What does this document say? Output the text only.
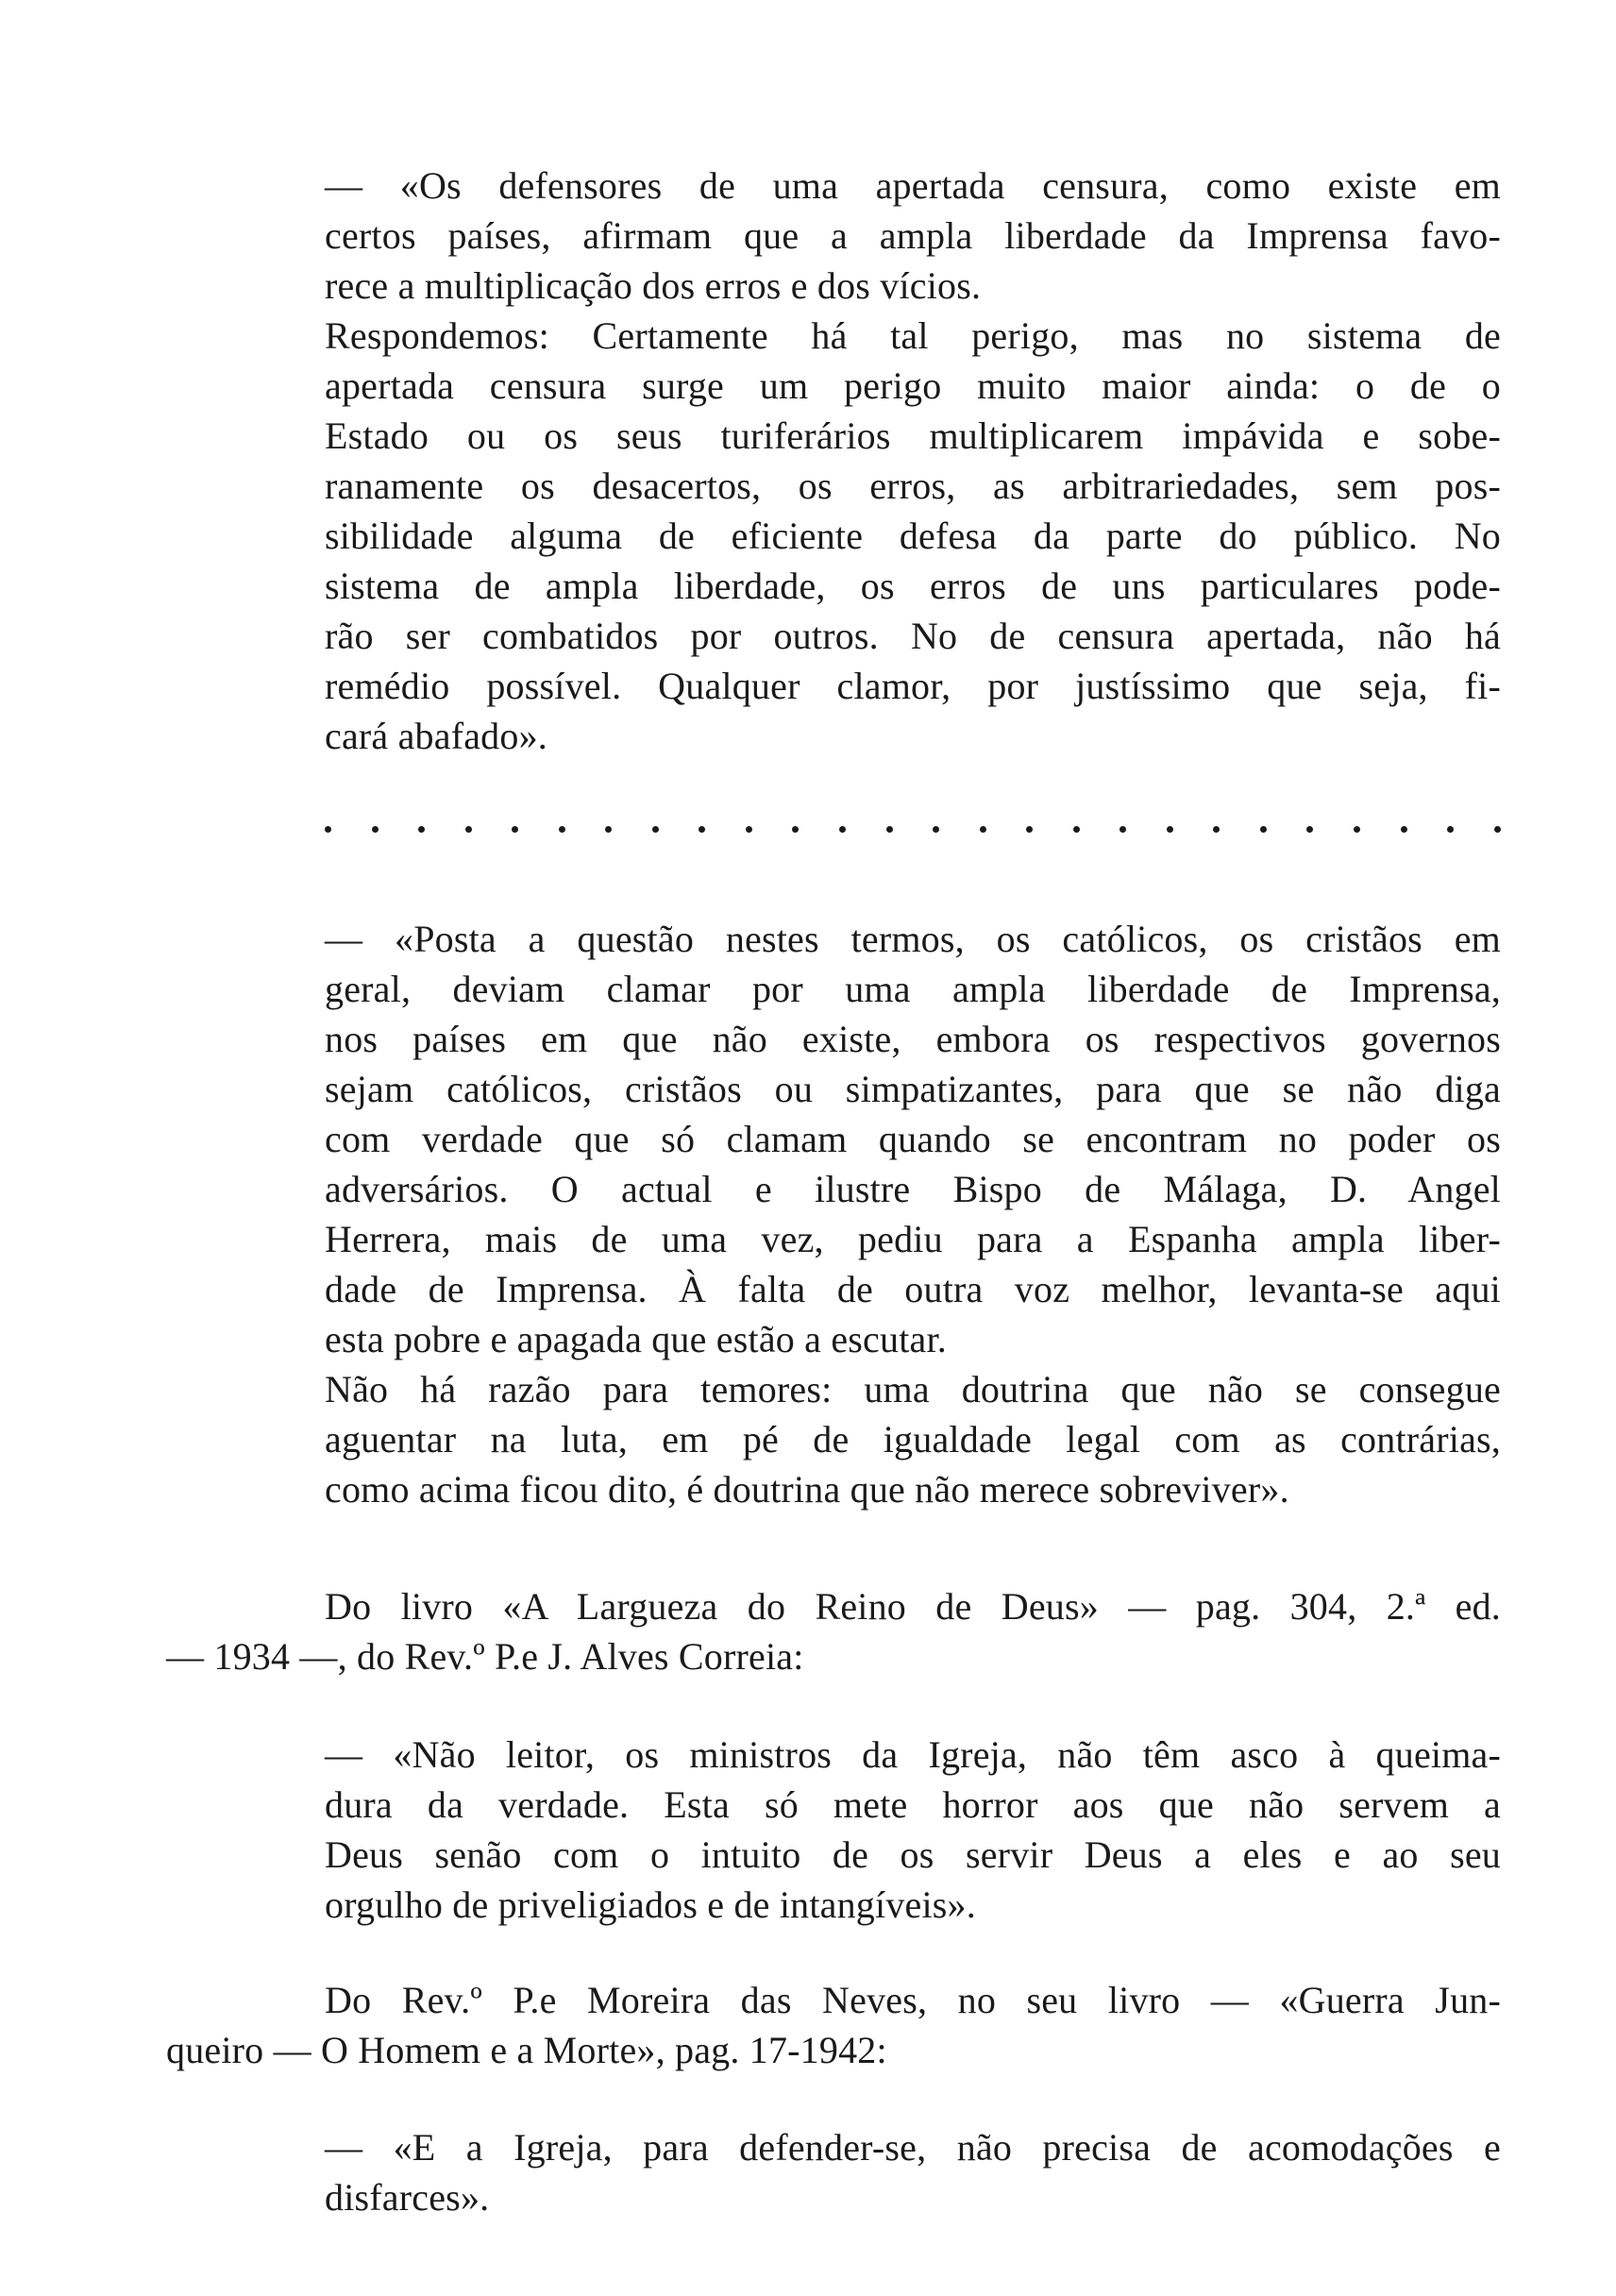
— «Os defensores de uma apertada censura, como existe em
certos países, afirmam que a ampla liberdade da Imprensa favo-
rece a multiplicação dos erros e dos vícios.
Respondemos: Certamente há tal perigo, mas no sistema de
apertada censura surge um perigo muito maior ainda: o de o
Estado ou os seus turiferários multiplicarem impávida e sobe-
ranamente os desacertos, os erros, as arbitrariedades, sem pos-
sibilidade alguma de eficiente defesa da parte do público. No
sistema de ampla liberdade, os erros de uns particulares pode-
rão ser combatidos por outros. No de censura apertada, não há
remédio possível. Qualquer clamor, por justíssimo que seja, fi-
cará abafado».
— «Posta a questão nestes termos, os católicos, os cristãos em
geral, deviam clamar por uma ampla liberdade de Imprensa,
nos países em que não existe, embora os respectivos governos
sejam católicos, cristãos ou simpatizantes, para que se não diga
com verdade que só clamam quando se encontram no poder os
adversários. O actual e ilustre Bispo de Málaga, D. Angel
Herrera, mais de uma vez, pediu para a Espanha ampla liber-
dade de Imprensa. À falta de outra voz melhor, levanta-se aqui
esta pobre e apagada que estão a escutar.
Não há razão para temores: uma doutrina que não se consegue
aguentar na luta, em pé de igualdade legal com as contrárias,
como acima ficou dito, é doutrina que não merece sobreviver».
Do livro «A Largueza do Reino de Deus» — pag. 304, 2.ª ed.
— 1934 —, do Rev.º P.e J. Alves Correia:
— «Não leitor, os ministros da Igreja, não têm asco à queima-
dura da verdade. Esta só mete horror aos que não servem a
Deus senão com o intuito de os servir Deus a eles e ao seu
orgulho de priveligiados e de intangíveis».
Do Rev.º P.e Moreira das Neves, no seu livro — «Guerra Jun-
queiro — O Homem e a Morte», pag. 17-1942:
— «E a Igreja, para defender-se, não precisa de acomodações e
disfarces».
